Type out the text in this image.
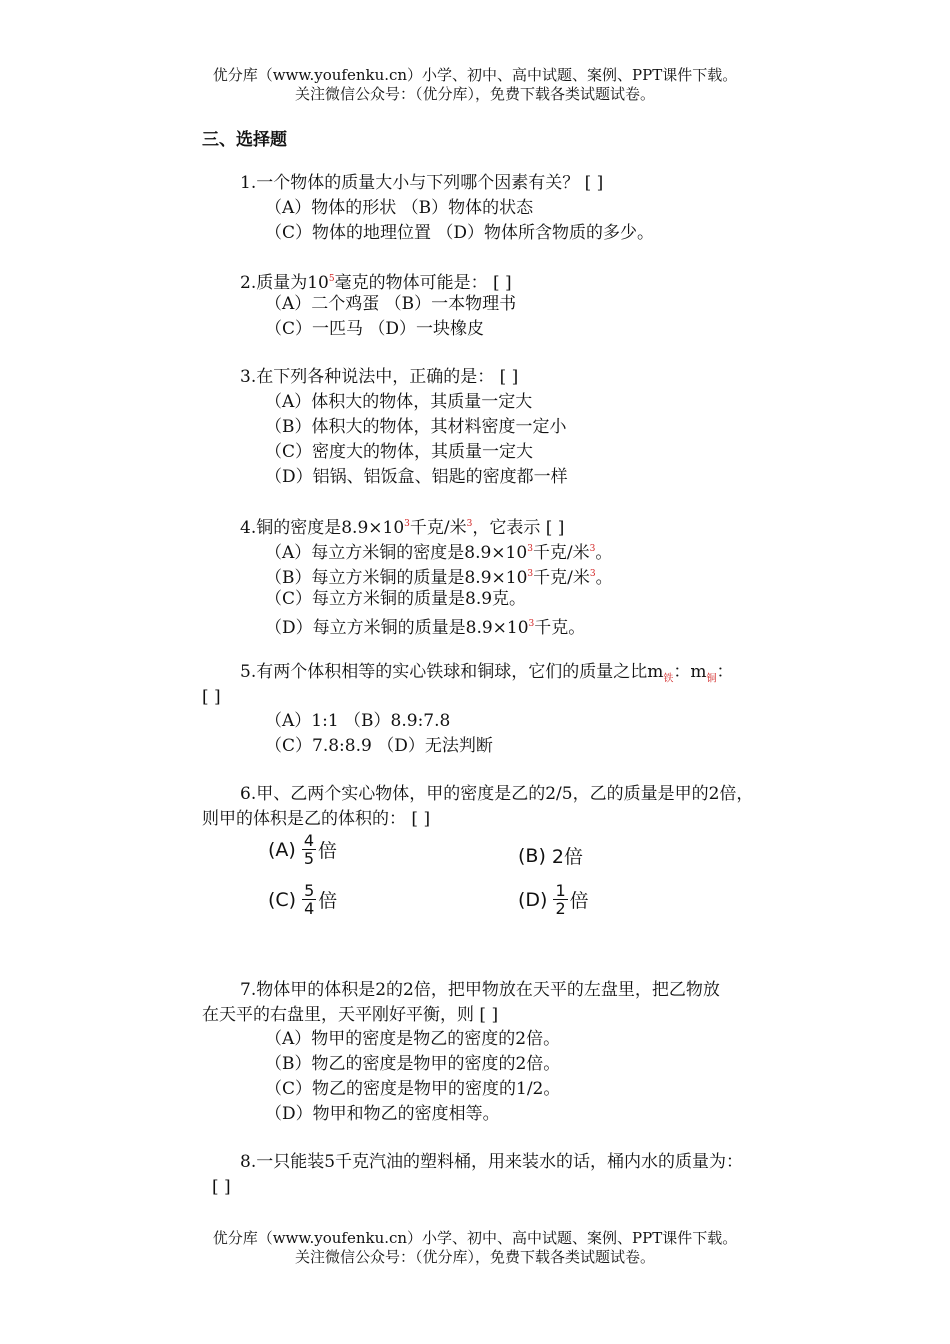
优分库（www.youfenku.cn）小学、初中、高中试题、案例、PPT课件下载。
关注微信公众号：（优分库），免费下载各类试题试卷。
三、选择题
1.一个物体的质量大小与下列哪个因素有关？ [ ]
（A）物体的形状 （B）物体的状态
（C）物体的地理位置 （D）物体所含物质的多少。
2.质量为$10^5$毫克的物体可能是： [ ]
（A）二个鸡蛋 （B）一本物理书
（C）一匹马 （D）一块橡皮
3.在下列各种说法中，正确的是： [ ]
（A）体积大的物体，其质量一定大
（B）体积大的物体，其材料密度一定小
（C）密度大的物体，其质量一定大
（D）铝锅、铝饭盒、铝匙的密度都一样
4.铜的密度是$8.9\times 10^3$千克/米$^3$，它表示 [ ]
（A）每立方米铜的密度是$8.9\times 10^3$千克/米$^3$。
（B）每立方米铜的质量是$8.9\times 10^3$千克/米$^3$。
（C）每立方米铜的质量是8.9克。
（D）每立方米铜的质量是$8.9\times 10^3$千克。
5.有两个体积相等的实心铁球和铜球，它们的质量之比$m_铁$：$m_铜$：
[ ]
（A）1:1 （B）8.9:7.8
（C）7.8:8.9 （D）无法判断
6.甲、乙两个实心物体，甲的密度是乙的2/5，乙的质量是甲的2倍，
则甲的体积是乙的体积的： [ ]
$(A) \frac{4}{5}$ 倍	(B) 2倍
$(C) \frac{5}{4}$ 倍	$(D) \frac{1}{2}$ 倍
7.物体甲的体积是2的2倍，把甲物放在天平的左盘里，把乙物放
在天平的右盘里，天平刚好平衡，则 [ ]
（A）物甲的密度是物乙的密度的2倍。
（B）物乙的密度是物甲的密度的2倍。
（C）物乙的密度是物甲的密度的1/2。
（D）物甲和物乙的密度相等。
8.一只能装5千克汽油的塑料桶，用来装水的话，桶内水的质量为：
[ ]
优分库（www.youfenku.cn）小学、初中、高中试题、案例、PPT课件下载。
关注微信公众号：（优分库），免费下载各类试题试卷。
